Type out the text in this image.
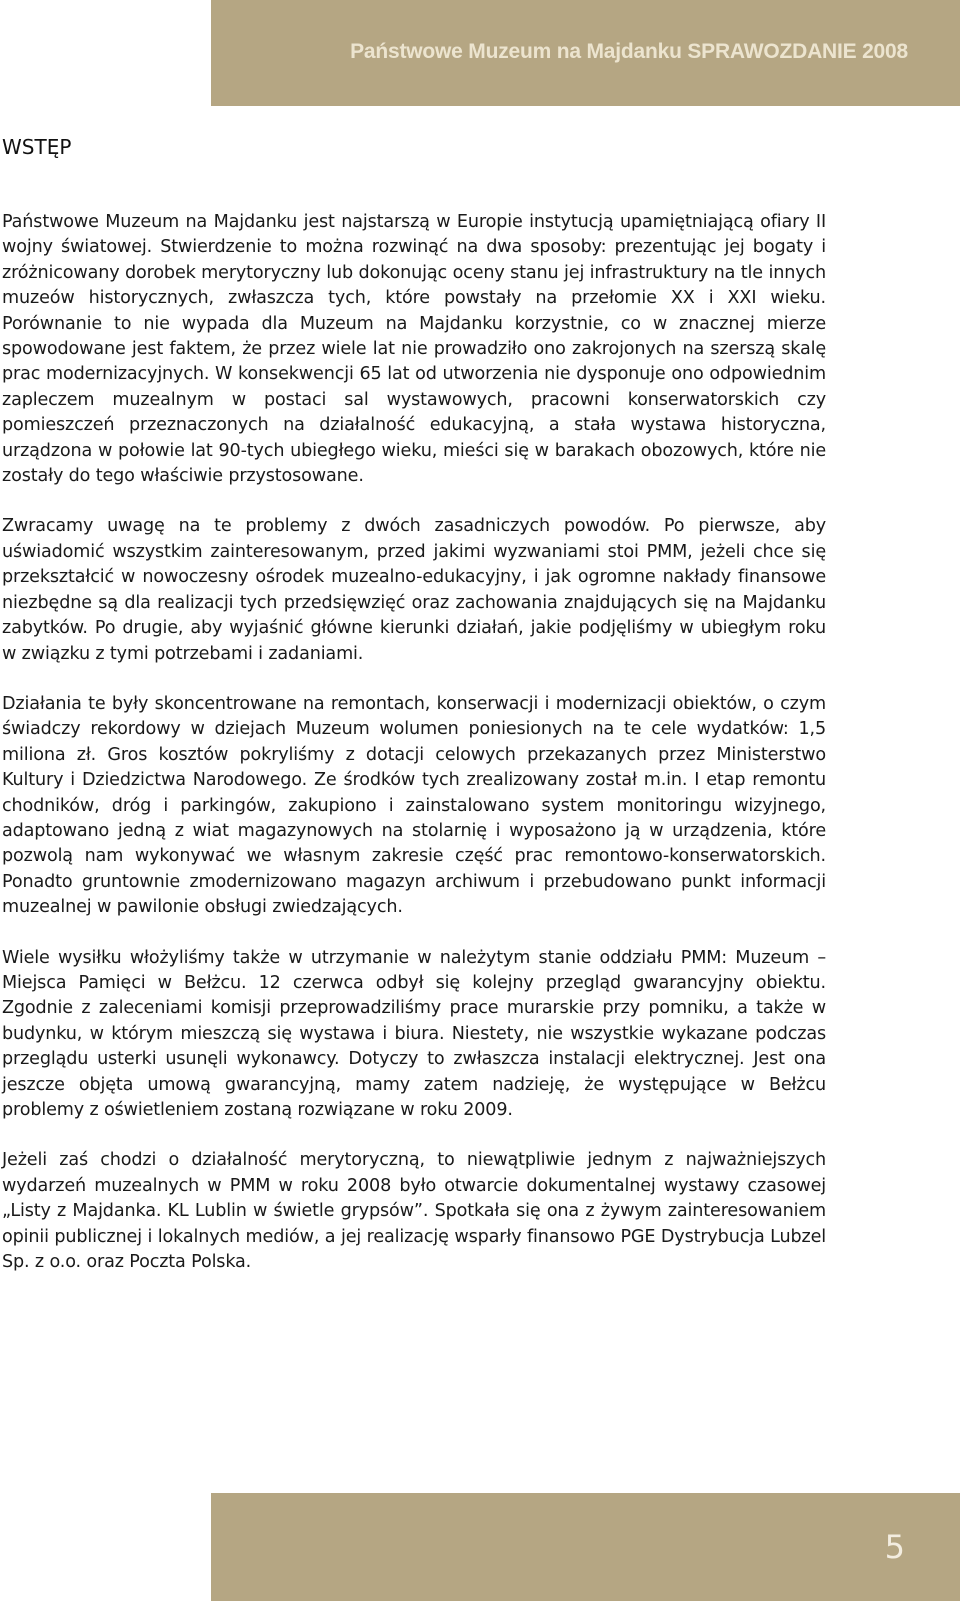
Państwowe Muzeum na Majdanku SPRAWOZDANIE 2008
WSTĘP

Państwowe Muzeum na Majdanku jest najstarszą w Europie instytucją upamiętniającą ofiary II wojny światowej. Stwierdzenie to można rozwinąć na dwa sposoby: prezentując jej bogaty i zróżnicowany dorobek merytoryczny lub dokonując oceny stanu jej infrastruktury na tle innych muzeów historycznych, zwłaszcza tych, które powstały na przełomie XX i XXI wieku. Porównanie to nie wypada dla Muzeum na Majdanku korzystnie, co w znacznej mierze spowodowane jest faktem, że przez wiele lat nie prowadziło ono zakrojonych na szerszą skalę prac modernizacyjnych. W konsekwencji 65 lat od utworzenia nie dysponuje ono odpowiednim zapleczem muzealnym w postaci sal wystawowych, pracowni konserwatorskich czy pomieszczeń przeznaczonych na działalność edukacyjną, a stała wystawa historyczna, urządzona w połowie lat 90-tych ubiegłego wieku, mieści się w barakach obozowych, które nie zostały do tego właściwie przystosowane.

Zwracamy uwagę na te problemy z dwóch zasadniczych powodów. Po pierwsze, aby uświadomić wszystkim zainteresowanym, przed jakimi wyzwaniami stoi PMM, jeżeli chce się przekształcić w nowoczesny ośrodek muzealno-edukacyjny, i jak ogromne nakłady finansowe niezbędne są dla realizacji tych przedsięwzięć oraz zachowania znajdujących się na Majdanku zabytków. Po drugie, aby wyjaśnić główne kierunki działań, jakie podjęliśmy w ubiegłym roku w związku z tymi potrzebami i zadaniami.

Działania te były skoncentrowane na remontach, konserwacji i modernizacji obiektów, o czym świadczy rekordowy w dziejach Muzeum wolumen poniesionych na te cele wydatków: 1,5 miliona zł. Gros kosztów pokryliśmy z dotacji celowych przekazanych przez Ministerstwo Kultury i Dziedzictwa Narodowego. Ze środków tych zrealizowany został m.in. I etap remontu chodników, dróg i parkingów, zakupiono i zainstalowano system monitoringu wizyjnego, adaptowano jedną z wiat magazynowych na stolarnię i wyposażono ją w urządzenia, które pozwolą nam wykonywać we własnym zakresie część prac remontowo-konserwatorskich. Ponadto gruntownie zmodernizowano magazyn archiwum i przebudowano punkt informacji muzealnej w pawilonie obsługi zwiedzających.

Wiele wysiłku włożyliśmy także w utrzymanie w należytym stanie oddziału PMM: Muzeum – Miejsca Pamięci w Bełżcu. 12 czerwca odbył się kolejny przegląd gwarancyjny obiektu. Zgodnie z zaleceniami komisji przeprowadziliśmy prace murarskie przy pomniku, a także w budynku, w którym mieszczą się wystawa i biura. Niestety, nie wszystkie wykazane podczas przeglądu usterki usunęli wykonawcy. Dotyczy to zwłaszcza instalacji elektrycznej. Jest ona jeszcze objęta umową gwarancyjną, mamy zatem nadzieję, że występujące w Bełżcu problemy z oświetleniem zostaną rozwiązane w roku 2009.

Jeżeli zaś chodzi o działalność merytoryczną, to niewątpliwie jednym z najważniejszych wydarzeń muzealnych w PMM w roku 2008 było otwarcie dokumentalnej wystawy czasowej „Listy z Majdanka. KL Lublin w świetle grypsów”. Spotkała się ona z żywym zainteresowaniem opinii publicznej i lokalnych mediów, a jej realizację wsparły finansowo PGE Dystrybucja Lubzel Sp. z o.o. oraz Poczta Polska.

5
